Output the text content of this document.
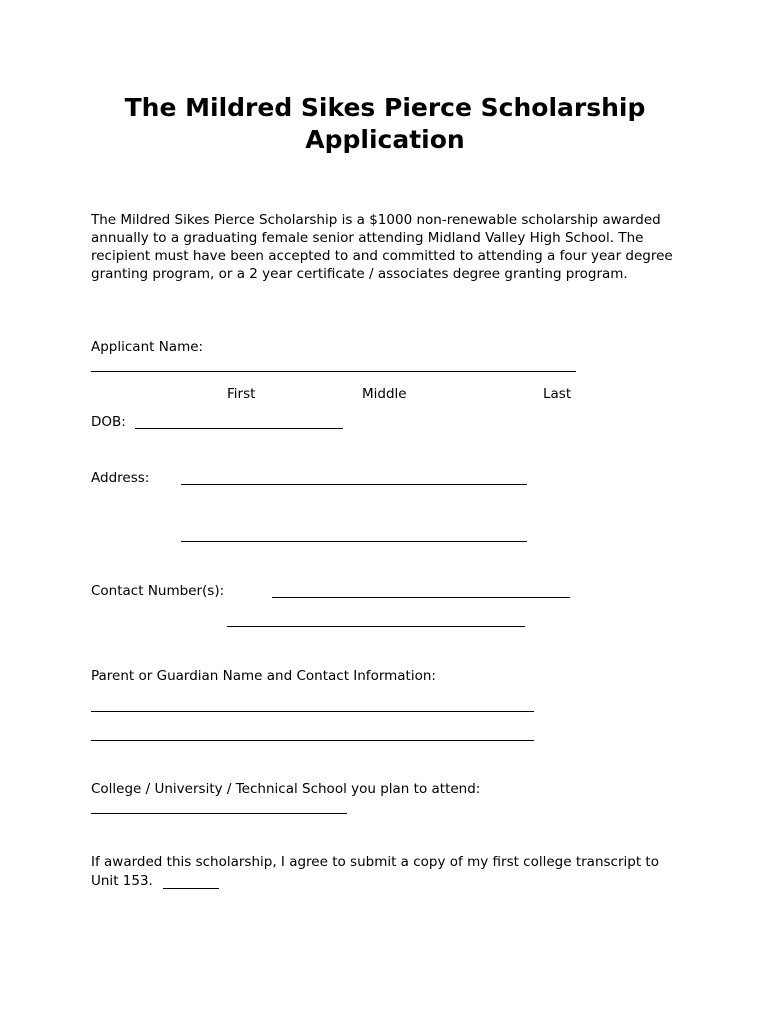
The Mildred Sikes Pierce Scholarship
Application
The Mildred Sikes Pierce Scholarship is a $1000 non-renewable scholarship awarded annually to a graduating female senior attending Midland Valley High School. The recipient must have been accepted to and committed to attending a four year degree granting program, or a 2 year certificate / associates degree granting program.
Applicant Name:
First	Middle	Last
DOB:
Address:
Contact Number(s):
Parent or Guardian Name and Contact Information:
College / University / Technical School you plan to attend:
If awarded this scholarship, I agree to submit a copy of my first college transcript to
Unit 153.
